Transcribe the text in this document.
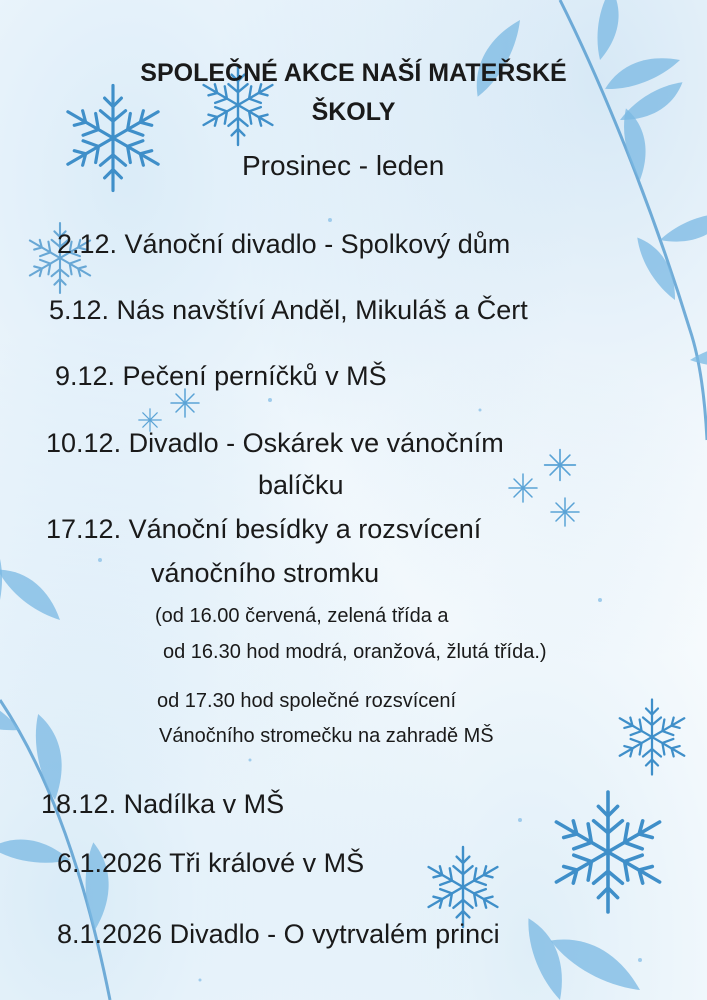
SPOLEČNÉ AKCE NAŠÍ MATEŘSKÉ
ŠKOLY
Prosinec - leden
2.12. Vánoční divadlo - Spolkový dům
5.12. Nás navštíví Anděl, Mikuláš a Čert
9.12. Pečení perníčků v MŠ
10.12. Divadlo - Oskárek ve vánočním
balíčku
17.12. Vánoční besídky a rozsvícení
vánočního stromku
(od 16.00 červená, zelená třída a
od 16.30 hod modrá, oranžová, žlutá třída.)
od 17.30 hod společné rozsvícení
Vánočního stromečku na zahradě MŠ
18.12. Nadílka v MŠ
6.1.2026 Tři králové v MŠ
8.1.2026 Divadlo - O vytrvalém princi
